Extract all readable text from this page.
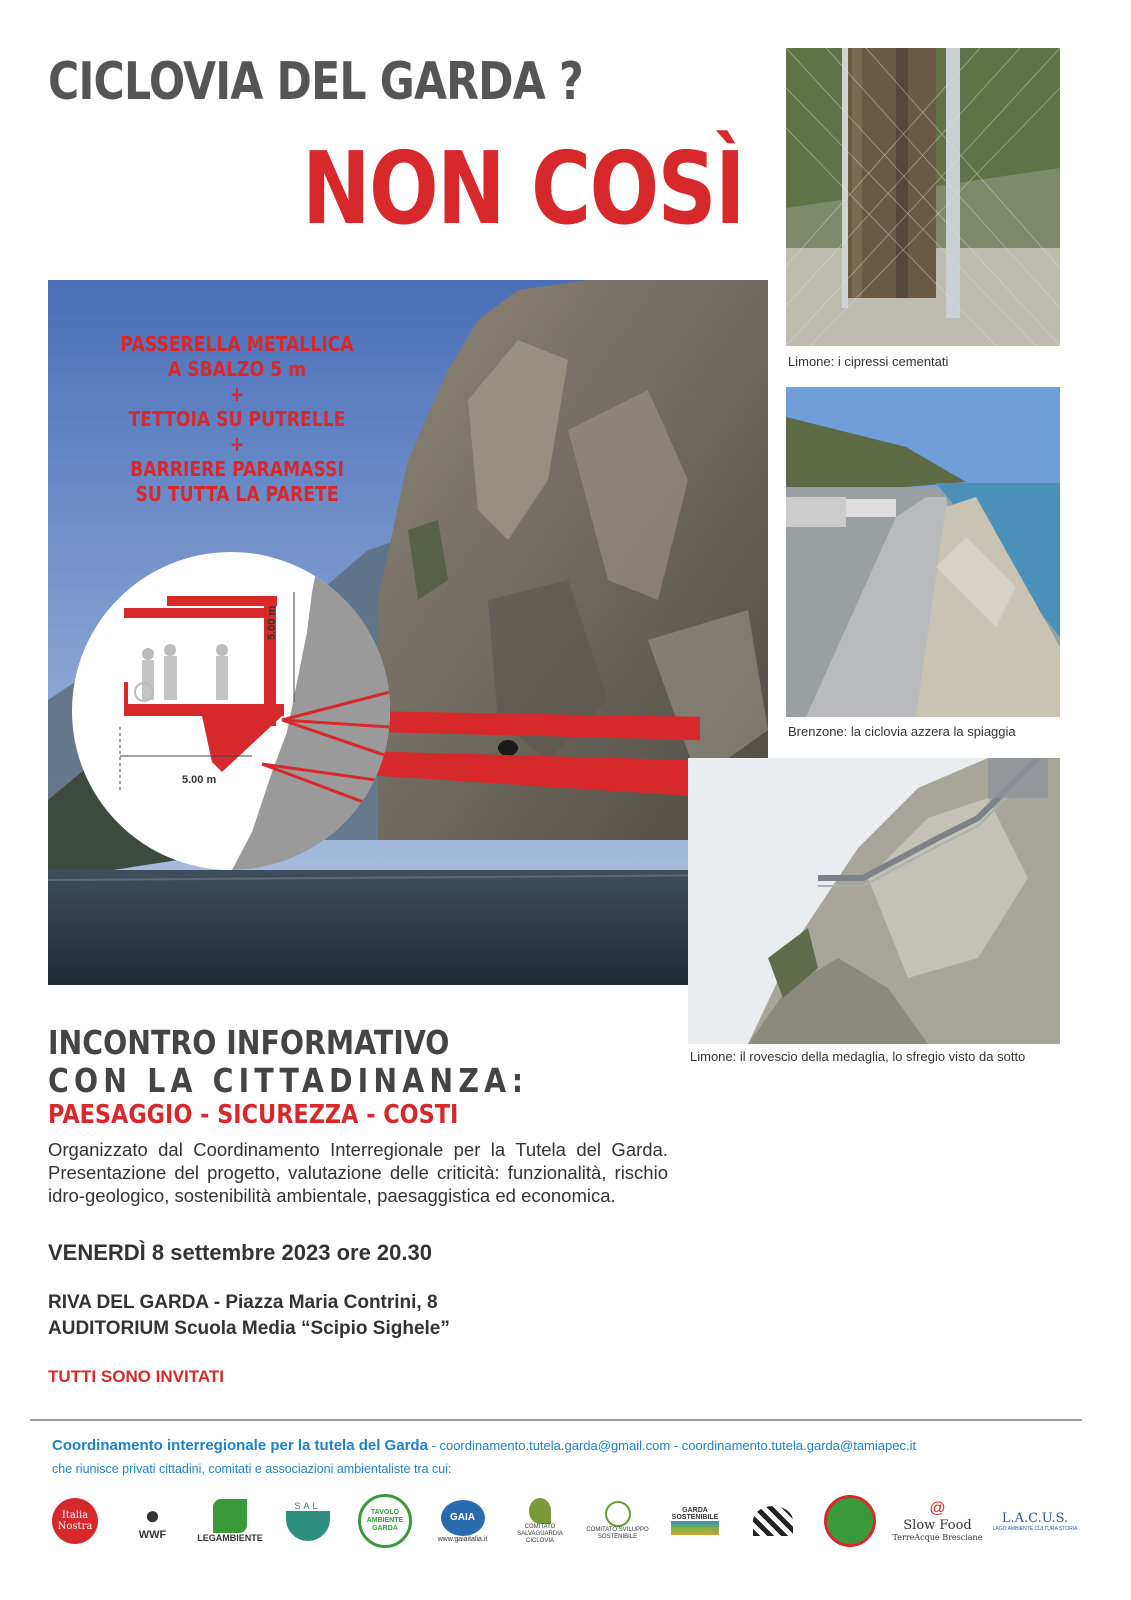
CICLOVIA DEL GARDA ?
NON COSÌ
5.00 m
5.00 m
PASSERELLA METALLICA
A SBALZO 5 m
+
TETTOIA SU PUTRELLE
+
BARRIERE PARAMASSI
SU TUTTA LA PARETE
Limone: i cipressi cementati
Brenzone: la ciclovia azzera la spiaggia
Limone: il rovescio della medaglia, lo sfregio visto da sotto
INCONTRO INFORMATIVO
CON LA CITTADINANZA:
PAESAGGIO - SICUREZZA - COSTI
Organizzato dal Coordinamento Interregionale per la Tutela del Garda. Presentazione del progetto, valutazione delle criticità: funzionalità, rischio idro-geologico, sostenibilità ambientale, paesaggistica ed economica.
VENERDÌ 8 settembre 2023 ore 20.30
RIVA DEL GARDA - Piazza Maria Contrini, 8
AUDITORIUM Scuola Media “Scipio Sighele”
TUTTI SONO INVITATI
Coordinamento interregionale per la tutela del Garda - coordinamento.tutela.garda@gmail.com - coordinamento.tutela.garda@tamiapec.it
che riunisce privati cittadini, comitati e associazioni ambientaliste tra cui:
Italia Nostra ●
WWF	LEGAMBIENTE
SAL
TAVOLO AMBIENTE GARDA
GAIA
www.gaiaitalia.it
COMITATO SALVAGUARDIA CICLOVIA
COMITATO SVILUPPO SOSTENIBILE
GARDA SOSTENIBILE
@
Slow Food
TerreAcque Bresciane
L.A.C.U.S.
LAGO AMBIENTE CULTURA STORIA
